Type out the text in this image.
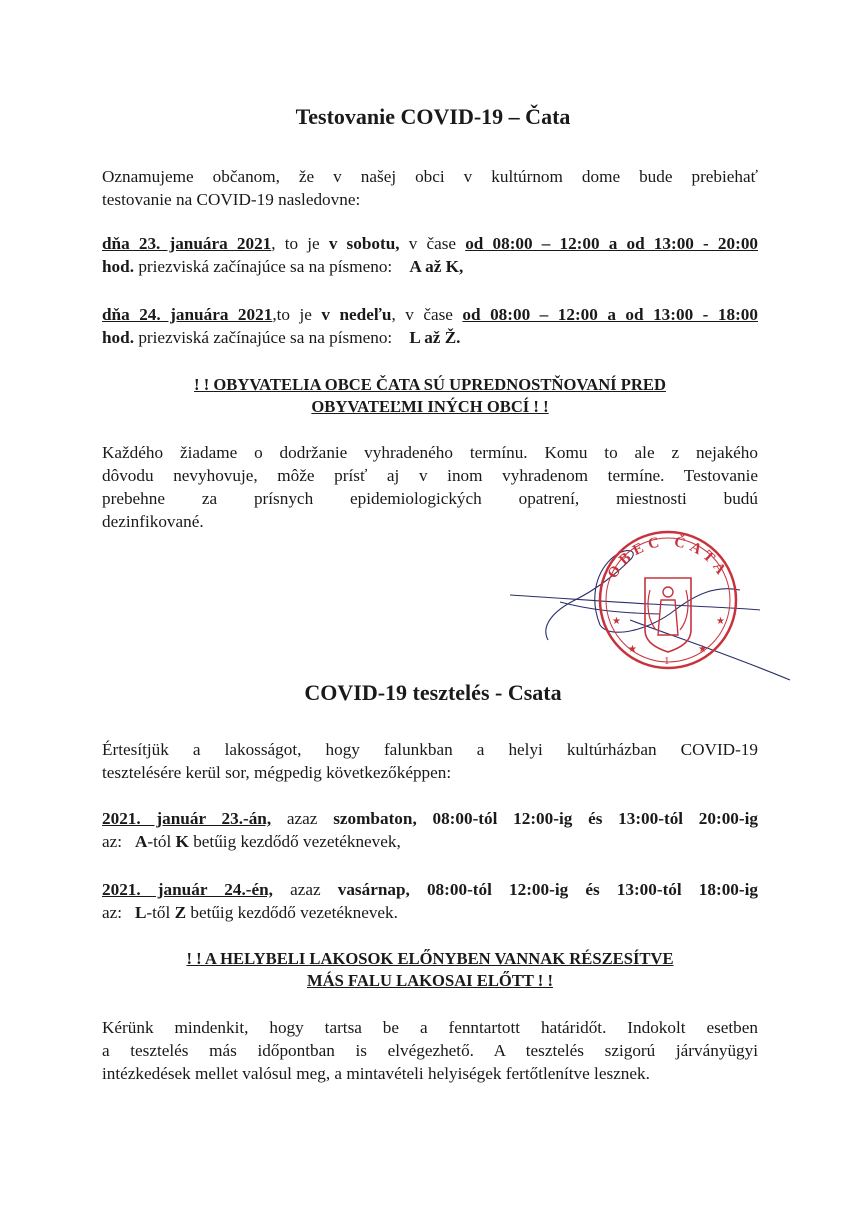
Testovanie COVID-19 – Čata
Oznamujeme občanom, že v našej obci v kultúrnom dome bude prebiehať
testovanie na COVID-19 nasledovne:
dňa 23. januára 2021, to je v sobotu, v čase od 08:00 – 12:00 a od 13:00 - 20:00
hod. priezviská začínajúce sa na písmeno: A až K,
dňa 24. januára 2021,to je v nedeľu, v čase od 08:00 – 12:00 a od 13:00 - 18:00
hod. priezviská začínajúce sa na písmeno: L až Ž.
! ! OBYVATELIA OBCE ČATA SÚ UPREDNOSTŇOVANÍ PRED
OBYVATEĽMI INÝCH OBCÍ ! !
Každého žiadame o dodržanie vyhradeného termínu. Komu to ale z nejakého
dôvodu nevyhovuje, môže prísť aj v inom vyhradenom termíne. Testovanie
prebehne za prísnych epidemiologických opatrení, miestnosti budú
dezinfikované.
OBEC ČATA
★	★
★	★
1
COVID-19 tesztelés - Csata
Értesítjük a lakosságot, hogy falunkban a helyi kultúrházban COVID-19
tesztelésére kerül sor, mégpedig következőképpen:
2021. január 23.-án, azaz szombaton, 08:00-tól 12:00-ig és 13:00-tól 20:00-ig
az: A-tól K betűig kezdődő vezetéknevek,
2021. január 24.-én, azaz vasárnap, 08:00-tól 12:00-ig és 13:00-tól 18:00-ig
az: L-től Z betűig kezdődő vezetéknevek.
! ! A HELYBELI LAKOSOK ELŐNYBEN VANNAK RÉSZESÍTVE
MÁS FALU LAKOSAI ELŐTT ! !
Kérünk mindenkit, hogy tartsa be a fenntartott határidőt. Indokolt esetben
a tesztelés más időpontban is elvégezhető. A tesztelés szigorú járványügyi
intézkedések mellet valósul meg, a mintavételi helyiségek fertőtlenítve lesznek.
